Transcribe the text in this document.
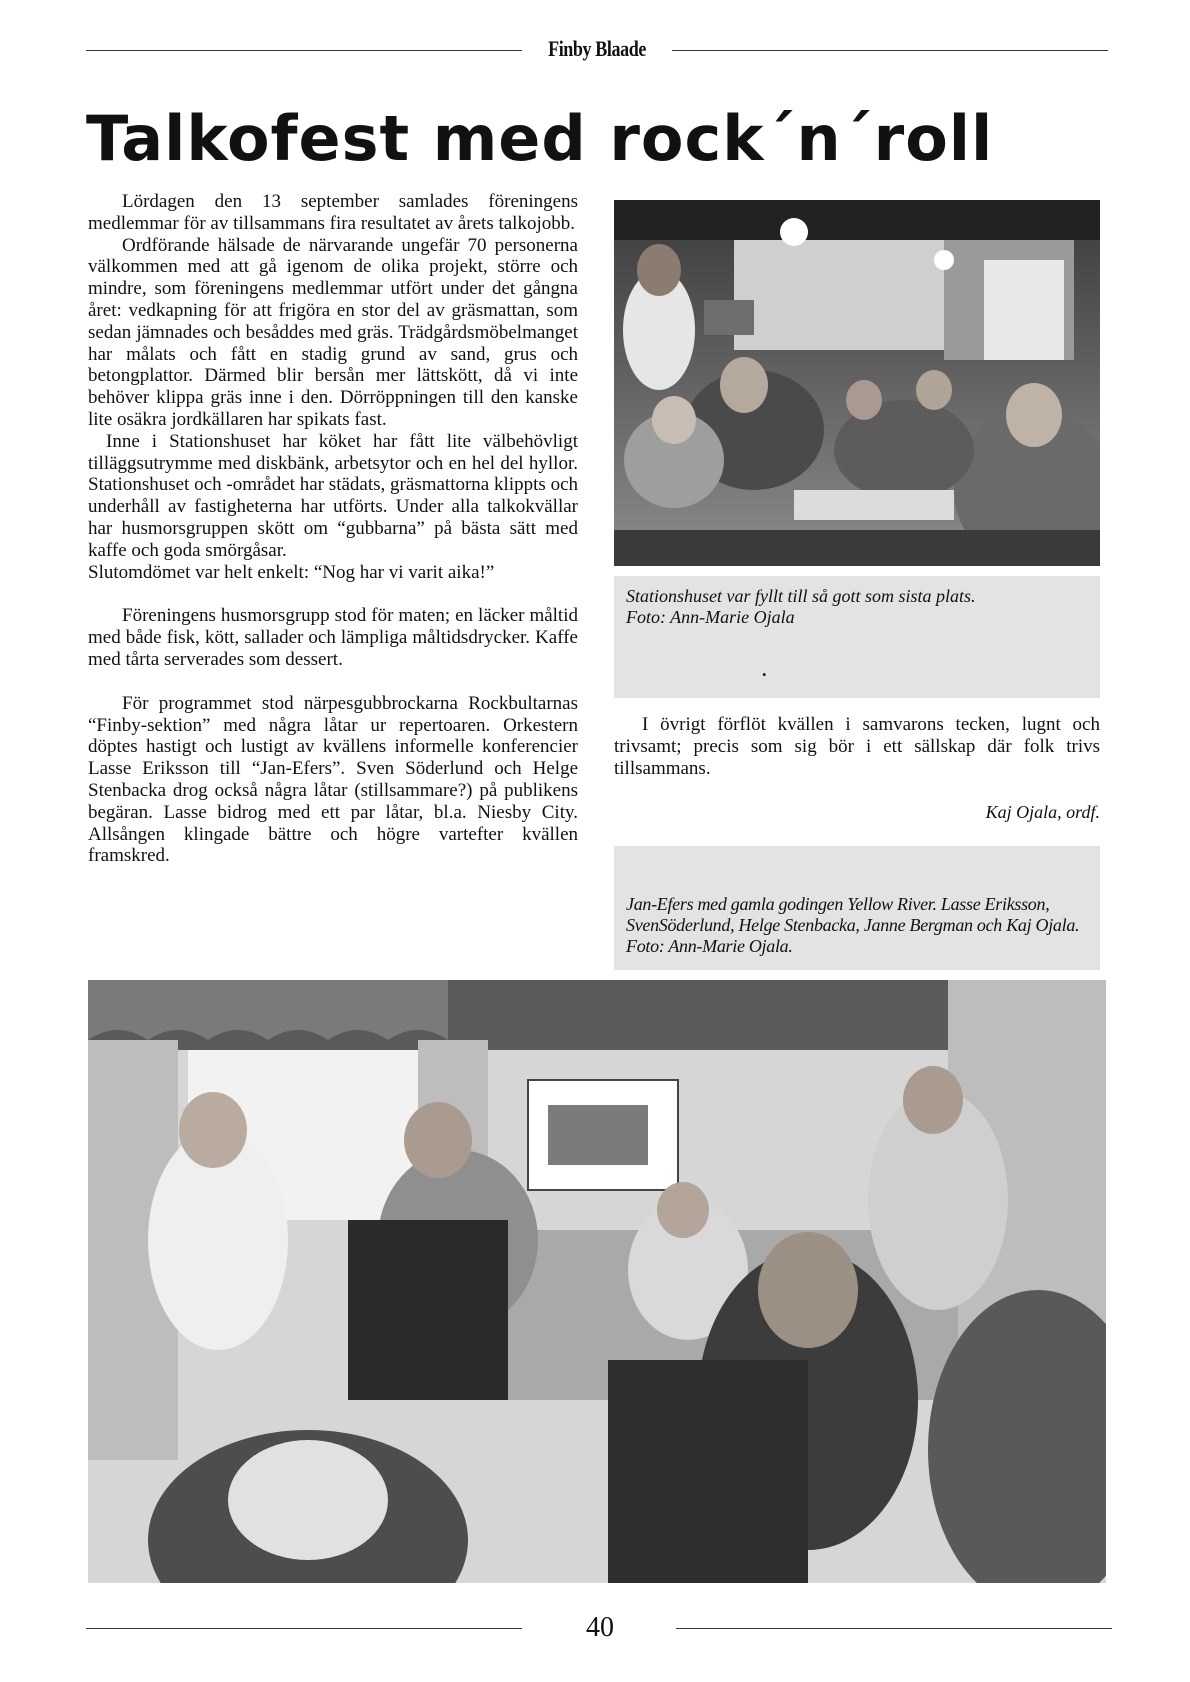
Finby Blaade
Talkofest med rock´n´roll

Lördagen den 13 september samlades föreningens medlemmar för av tillsammans fira resultatet av årets talkojobb.

Ordförande hälsade de närvarande ungefär 70 personerna välkommen med att gå igenom de olika projekt, större och mindre, som föreningens medlemmar utfört under det gångna året: vedkapning för att frigöra en stor del av gräsmattan, som sedan jämnades och besåddes med gräs. Trädgårdsmöbelmanget har målats och fått en stadig grund av sand, grus och betongplattor. Därmed blir bersån mer lättskött, då vi inte behöver klippa gräs inne i den. Dörröppningen till den kanske lite osäkra jordkällaren har spikats fast.

Inne i Stationshuset har köket har fått lite välbehövligt tilläggsutrymme med diskbänk, arbetsytor och en hel del hyllor. Stationshuset och -området har städats, gräsmattorna klippts och underhåll av fastigheterna har utförts. Under alla talkokvällar har husmorsgruppen skött om “gubbarna” på bästa sätt med kaffe och goda smörgåsar.

Slutomdömet var helt enkelt: “Nog har vi varit aika!”

Föreningens husmorsgrupp stod för maten; en läcker måltid med både fisk, kött, sallader och lämpliga måltidsdrycker. Kaffe med tårta serverades som dessert.

För programmet stod närpesgubbrockarna Rockbultarnas “Finby-sektion” med några låtar ur repertoaren. Orkestern döptes hastigt och lustigt av kvällens informelle konferencier Lasse Eriksson till “Jan-Efers”. Sven Söderlund och Helge Stenbacka drog också några låtar (stillsammare?) på publikens begäran. Lasse bidrog med ett par låtar, bl.a. Niesby City. Allsången klingade bättre och högre vartefter kvällen framskred.

Stationshuset var fyllt till så gott som sista plats.
Foto: Ann-Marie Ojala
.

I övrigt förflöt kvällen i samvarons tecken, lugnt och trivsamt; precis som sig bör i ett sällskap där folk trivs tillsammans.

Kaj Ojala, ordf.
Jan-Efers med gamla godingen Yellow River. Lasse Eriksson, SvenSöderlund, Helge Stenbacka, Janne Bergman och Kaj Ojala. Foto: Ann-Marie Ojala.
40
